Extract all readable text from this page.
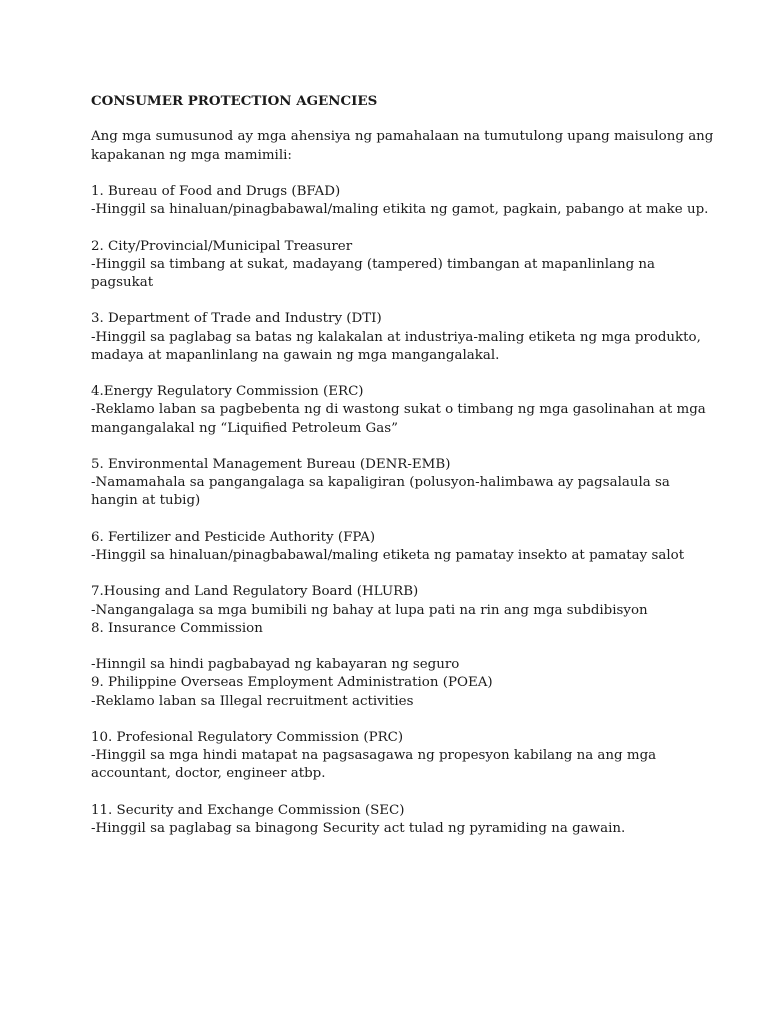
CONSUMER PROTECTION AGENCIES

Ang mga sumusunod ay mga ahensiya ng pamahalaan na tumutulong upang maisulong ang

kapakanan ng mga mamimili:

1. Bureau of Food and Drugs (BFAD)

-Hinggil sa hinaluan/pinagbabawal/maling etikita ng gamot, pagkain, pabango at make up.

2. City/Provincial/Municipal Treasurer

-Hinggil sa timbang at sukat, madayang (tampered) timbangan at mapanlinlang na

pagsukat

3. Department of Trade and Industry (DTI)

-Hinggil sa paglabag sa batas ng kalakalan at industriya-maling etiketa ng mga produkto,

madaya at mapanlinlang na gawain ng mga mangangalakal.

4.Energy Regulatory Commission (ERC)

-Reklamo laban sa pagbebenta ng di wastong sukat o timbang ng mga gasolinahan at mga

mangangalakal ng “Liquified Petroleum Gas”

5. Environmental Management Bureau (DENR-EMB)

-Namamahala sa pangangalaga sa kapaligiran (polusyon-halimbawa ay pagsalaula sa

hangin at tubig)

6. Fertilizer and Pesticide Authority (FPA)

-Hinggil sa hinaluan/pinagbabawal/maling etiketa ng pamatay insekto at pamatay salot

7.Housing and Land Regulatory Board (HLURB)

-Nangangalaga sa mga bumibili ng bahay at lupa pati na rin ang mga subdibisyon

8. Insurance Commission

-Hinngil sa hindi pagbabayad ng kabayaran ng seguro

9. Philippine Overseas Employment Administration (POEA)

-Reklamo laban sa Illegal recruitment activities

10. Profesional Regulatory Commission (PRC)

-Hinggil sa mga hindi matapat na pagsasagawa ng propesyon kabilang na ang mga

accountant, doctor, engineer atbp.

11. Security and Exchange Commission (SEC)

-Hinggil sa paglabag sa binagong Security act tulad ng pyramiding na gawain.
